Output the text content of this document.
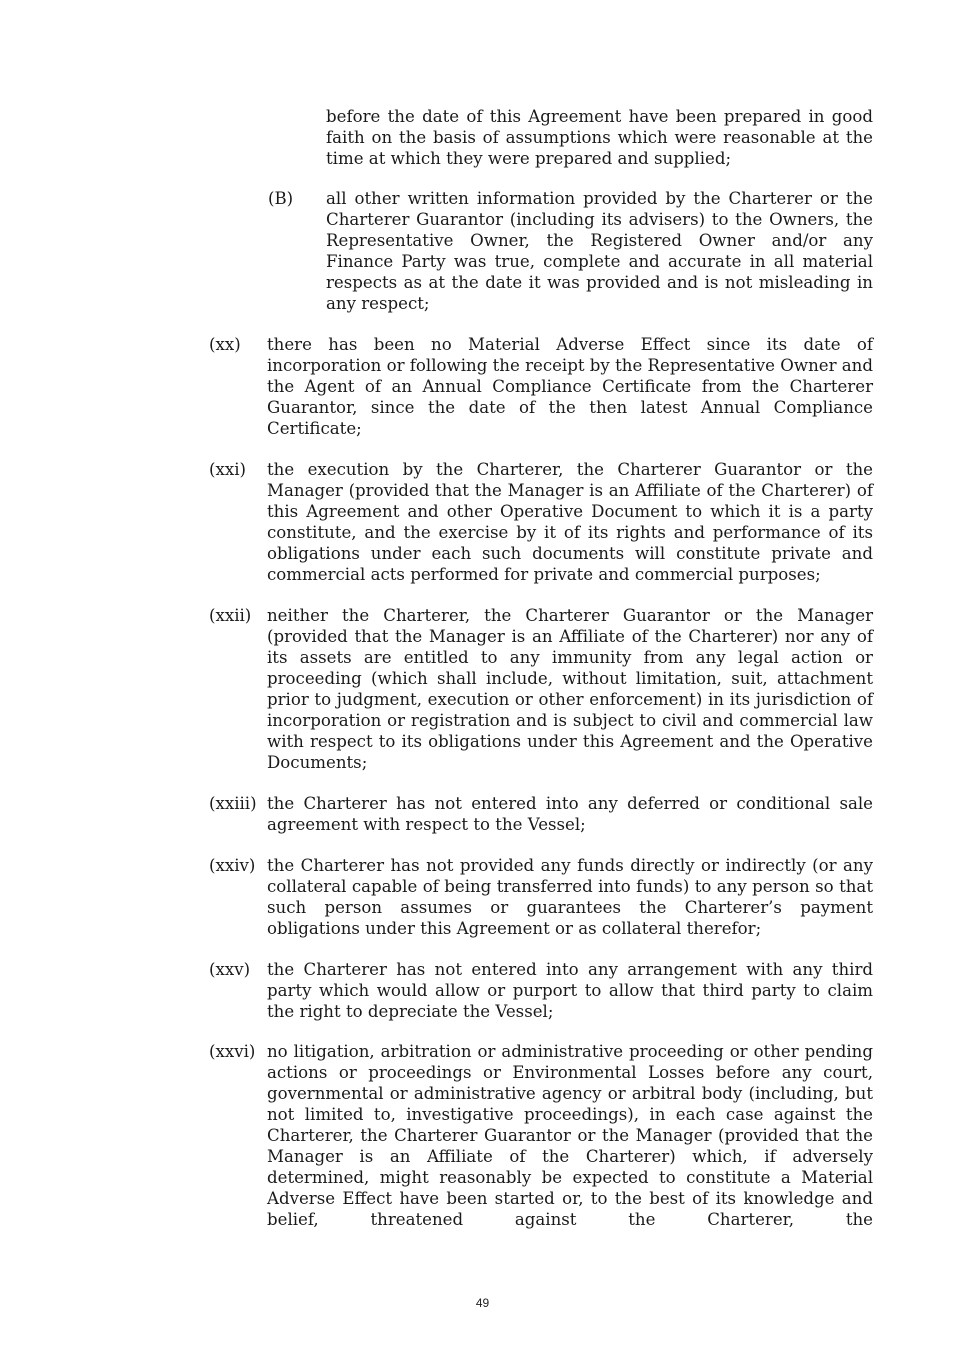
before the date of this Agreement have been prepared in good faith on the basis of assumptions which were reasonable at the time at which they were prepared and supplied;
(B) all other written information provided by the Charterer or the Charterer Guarantor (including its advisers) to the Owners, the Representative Owner, the Registered Owner and/or any Finance Party was true, complete and accurate in all material respects as at the date it was provided and is not misleading in any respect;
(xx) there has been no Material Adverse Effect since its date of incorporation or following the receipt by the Representative Owner and the Agent of an Annual Compliance Certificate from the Charterer Guarantor, since the date of the then latest Annual Compliance Certificate;
(xxi) the execution by the Charterer, the Charterer Guarantor or the Manager (provided that the Manager is an Affiliate of the Charterer) of this Agreement and other Operative Document to which it is a party constitute, and the exercise by it of its rights and performance of its obligations under each such documents will constitute private and commercial acts performed for private and commercial purposes;
(xxii) neither the Charterer, the Charterer Guarantor or the Manager (provided that the Manager is an Affiliate of the Charterer) nor any of its assets are entitled to any immunity from any legal action or proceeding (which shall include, without limitation, suit, attachment prior to judgment, execution or other enforcement) in its jurisdiction of incorporation or registration and is subject to civil and commercial law with respect to its obligations under this Agreement and the Operative Documents;
(xxiii) the Charterer has not entered into any deferred or conditional sale agreement with respect to the Vessel;
(xxiv) the Charterer has not provided any funds directly or indirectly (or any collateral capable of being transferred into funds) to any person so that such person assumes or guarantees the Charterer’s payment obligations under this Agreement or as collateral therefor;
(xxv) the Charterer has not entered into any arrangement with any third party which would allow or purport to allow that third party to claim the right to depreciate the Vessel;
(xxvi) no litigation, arbitration or administrative proceeding or other pending actions or proceedings or Environmental Losses before any court, governmental or administrative agency or arbitral body (including, but not limited to, investigative proceedings), in each case against the Charterer, the Charterer Guarantor or the Manager (provided that the Manager is an Affiliate of the Charterer) which, if adversely determined, might reasonably be expected to constitute a Material Adverse Effect have been started or, to the best of its knowledge and belief, threatened against the Charterer, the
49
